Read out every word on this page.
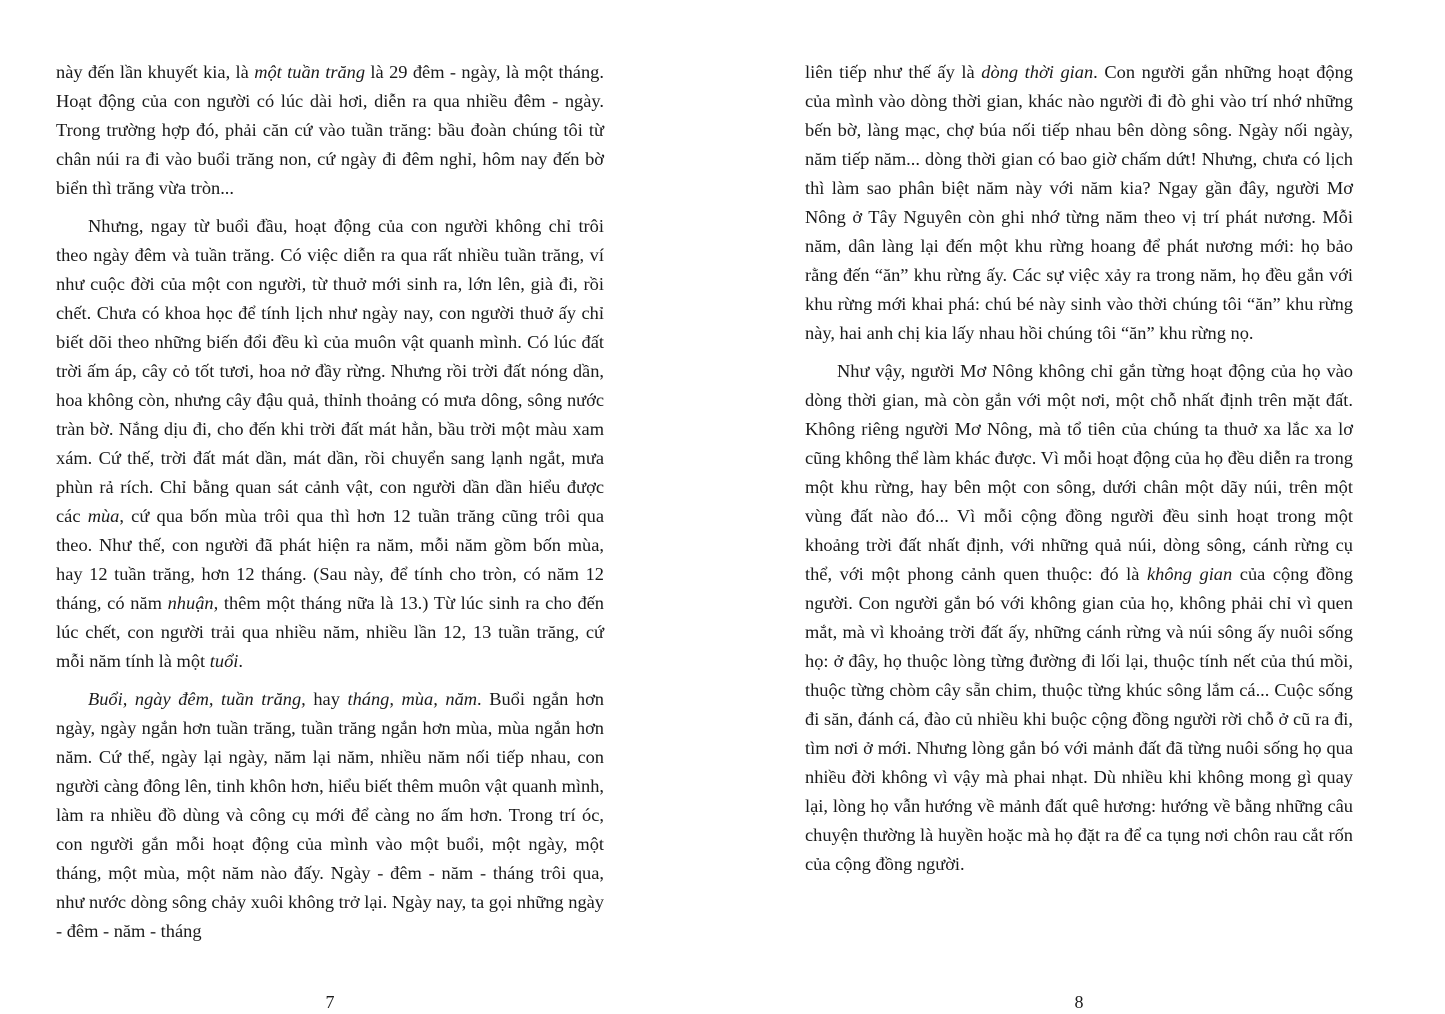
này đến lần khuyết kia, là một tuần trăng là 29 đêm - ngày, là một tháng. Hoạt động của con người có lúc dài hơi, diễn ra qua nhiều đêm - ngày. Trong trường hợp đó, phải căn cứ vào tuần trăng: bầu đoàn chúng tôi từ chân núi ra đi vào buổi trăng non, cứ ngày đi đêm nghỉ, hôm nay đến bờ biển thì trăng vừa tròn...

Nhưng, ngay từ buổi đầu, hoạt động của con người không chỉ trôi theo ngày đêm và tuần trăng. Có việc diễn ra qua rất nhiều tuần trăng, ví như cuộc đời của một con người, từ thuở mới sinh ra, lớn lên, già đi, rồi chết. Chưa có khoa học để tính lịch như ngày nay, con người thuở ấy chỉ biết dõi theo những biến đổi đều kì của muôn vật quanh mình. Có lúc đất trời ấm áp, cây cỏ tốt tươi, hoa nở đầy rừng. Nhưng rồi trời đất nóng dần, hoa không còn, nhưng cây đậu quả, thỉnh thoảng có mưa dông, sông nước tràn bờ. Nắng dịu đi, cho đến khi trời đất mát hẳn, bầu trời một màu xam xám. Cứ thế, trời đất mát dần, mát dần, rồi chuyển sang lạnh ngắt, mưa phùn rả rích. Chỉ bằng quan sát cảnh vật, con người dần dần hiểu được các mùa, cứ qua bốn mùa trôi qua thì hơn 12 tuần trăng cũng trôi qua theo. Như thế, con người đã phát hiện ra năm, mỗi năm gồm bốn mùa, hay 12 tuần trăng, hơn 12 tháng. (Sau này, để tính cho tròn, có năm 12 tháng, có năm nhuận, thêm một tháng nữa là 13.) Từ lúc sinh ra cho đến lúc chết, con người trải qua nhiều năm, nhiều lần 12, 13 tuần trăng, cứ mỗi năm tính là một tuổi.

Buổi, ngày đêm, tuần trăng, hay tháng, mùa, năm. Buổi ngắn hơn ngày, ngày ngắn hơn tuần trăng, tuần trăng ngắn hơn mùa, mùa ngắn hơn năm. Cứ thế, ngày lại ngày, năm lại năm, nhiều năm nối tiếp nhau, con người càng đông lên, tinh khôn hơn, hiểu biết thêm muôn vật quanh mình, làm ra nhiều đồ dùng và công cụ mới để càng no ấm hơn. Trong trí óc, con người gắn mỗi hoạt động của mình vào một buổi, một ngày, một tháng, một mùa, một năm nào đấy. Ngày - đêm - năm - tháng trôi qua, như nước dòng sông chảy xuôi không trở lại. Ngày nay, ta gọi những ngày - đêm - năm - tháng

liên tiếp như thế ấy là dòng thời gian. Con người gắn những hoạt động của mình vào dòng thời gian, khác nào người đi đò ghi vào trí nhớ những bến bờ, làng mạc, chợ búa nối tiếp nhau bên dòng sông. Ngày nối ngày, năm tiếp năm... dòng thời gian có bao giờ chấm dứt! Nhưng, chưa có lịch thì làm sao phân biệt năm này với năm kia? Ngay gần đây, người Mơ Nông ở Tây Nguyên còn ghi nhớ từng năm theo vị trí phát nương. Mỗi năm, dân làng lại đến một khu rừng hoang để phát nương mới: họ bảo rằng đến “ăn” khu rừng ấy. Các sự việc xảy ra trong năm, họ đều gắn với khu rừng mới khai phá: chú bé này sinh vào thời chúng tôi “ăn” khu rừng này, hai anh chị kia lấy nhau hồi chúng tôi “ăn” khu rừng nọ.

Như vậy, người Mơ Nông không chỉ gắn từng hoạt động của họ vào dòng thời gian, mà còn gắn với một nơi, một chỗ nhất định trên mặt đất. Không riêng người Mơ Nông, mà tổ tiên của chúng ta thuở xa lắc xa lơ cũng không thể làm khác được. Vì mỗi hoạt động của họ đều diễn ra trong một khu rừng, hay bên một con sông, dưới chân một dãy núi, trên một vùng đất nào đó... Vì mỗi cộng đồng người đều sinh hoạt trong một khoảng trời đất nhất định, với những quả núi, dòng sông, cánh rừng cụ thể, với một phong cảnh quen thuộc: đó là không gian của cộng đồng người. Con người gắn bó với không gian của họ, không phải chỉ vì quen mắt, mà vì khoảng trời đất ấy, những cánh rừng và núi sông ấy nuôi sống họ: ở đây, họ thuộc lòng từng đường đi lối lại, thuộc tính nết của thú mồi, thuộc từng chòm cây sẵn chim, thuộc từng khúc sông lắm cá... Cuộc sống đi săn, đánh cá, đào củ nhiều khi buộc cộng đồng người rời chỗ ở cũ ra đi, tìm nơi ở mới. Nhưng lòng gắn bó với mảnh đất đã từng nuôi sống họ qua nhiều đời không vì vậy mà phai nhạt. Dù nhiều khi không mong gì quay lại, lòng họ vẫn hướng về mảnh đất quê hương: hướng về bằng những câu chuyện thường là huyền hoặc mà họ đặt ra để ca tụng nơi chôn rau cắt rốn của cộng đồng người.

7	8
